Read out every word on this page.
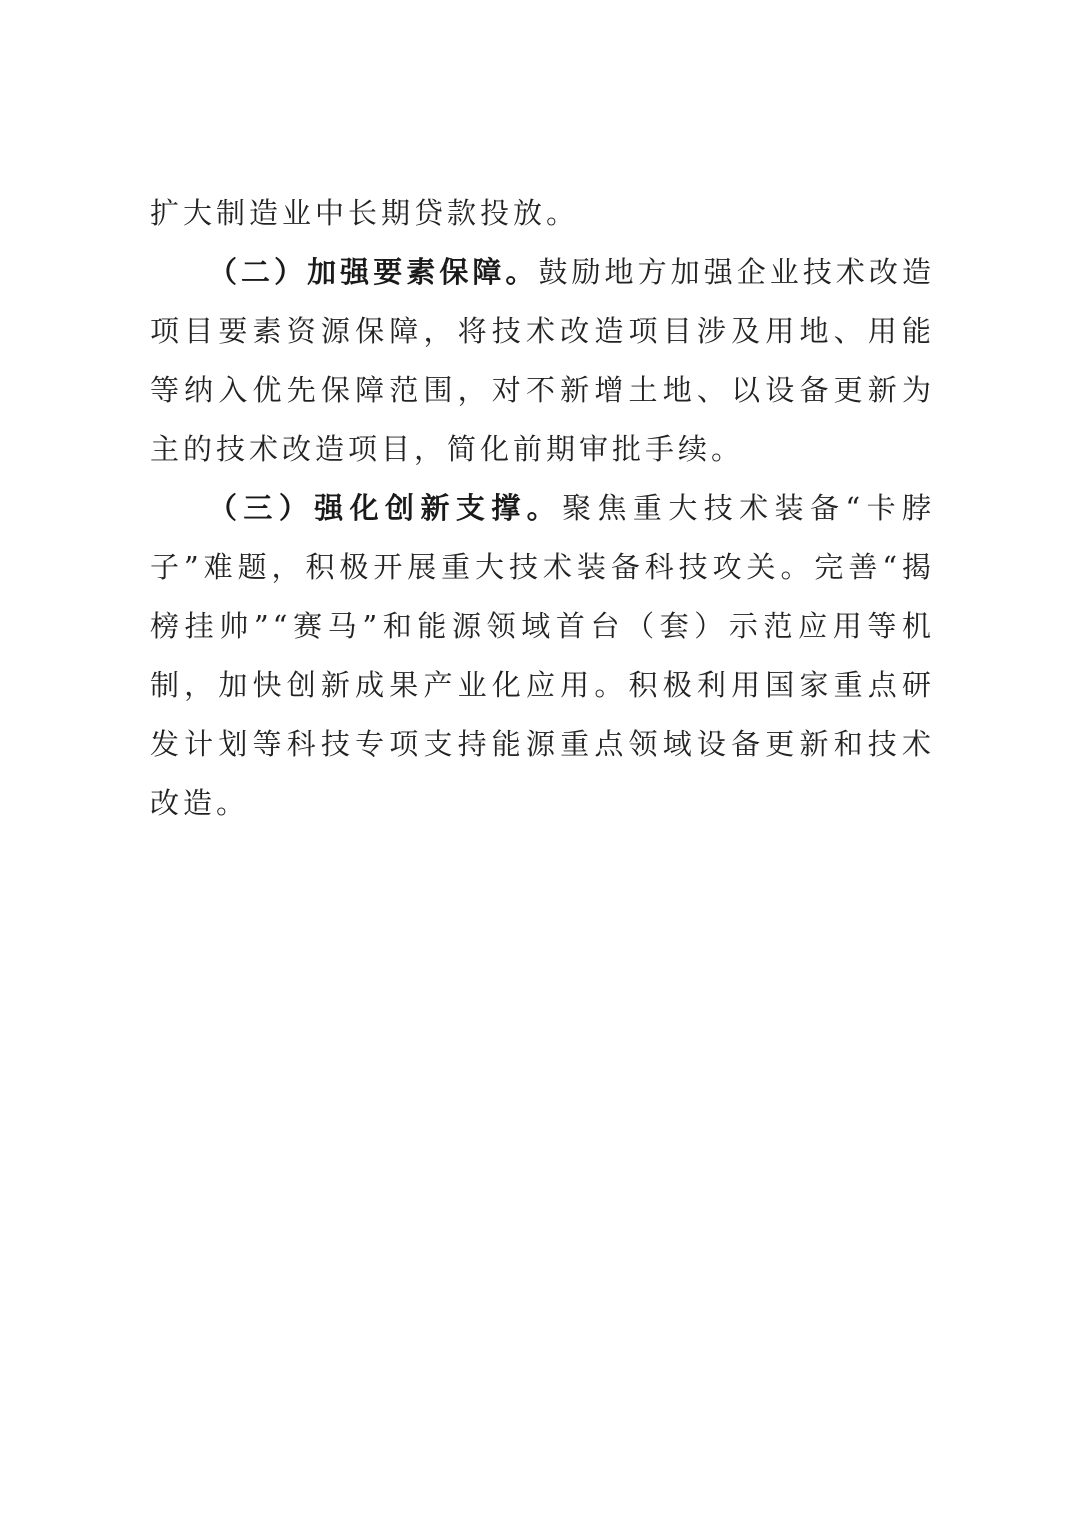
扩大制造业中长期贷款投放。

（二）加强要素保障。鼓励地方加强企业技术改造项目要素资源保障，将技术改造项目涉及用地、用能等纳入优先保障范围，对不新增土地、以设备更新为主的技术改造项目，简化前期审批手续。

（三）强化创新支撑。聚焦重大技术装备“卡脖子”难题，积极开展重大技术装备科技攻关。完善“揭榜挂帅”“赛马”和能源领域首台（套）示范应用等机制，加快创新成果产业化应用。积极利用国家重点研发计划等科技专项支持能源重点领域设备更新和技术改造。
